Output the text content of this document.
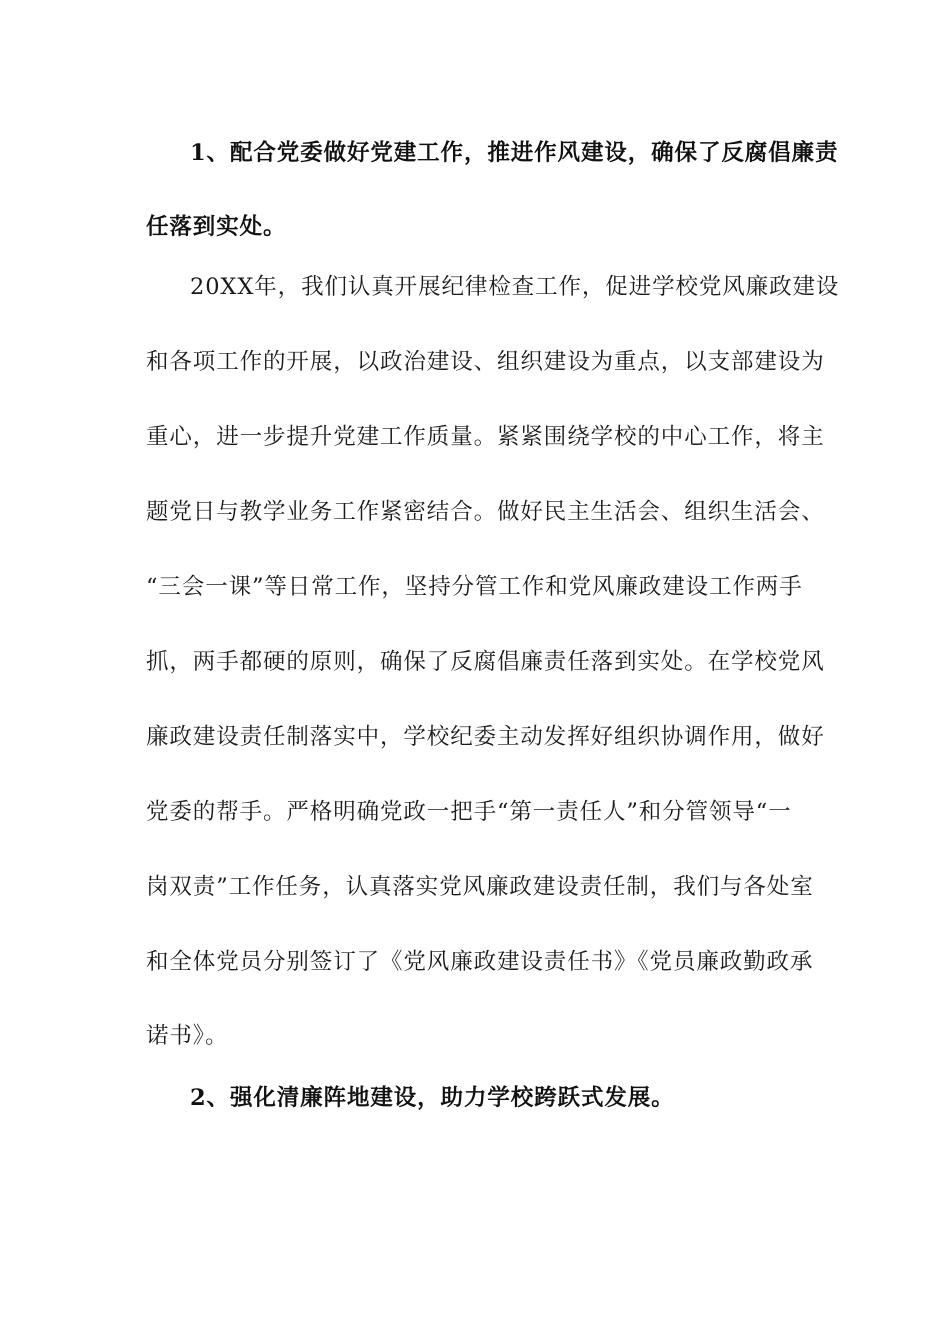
1、配合党委做好党建工作，推进作风建设，确保了反腐倡廉责
任落到实处。
20XX年，我们认真开展纪律检查工作，促进学校党风廉政建设
和各项工作的开展，以政治建设、组织建设为重点，以支部建设为
重心，进一步提升党建工作质量。紧紧围绕学校的中心工作，将主
题党日与教学业务工作紧密结合。做好民主生活会、组织生活会、
“三会一课”等日常工作，坚持分管工作和党风廉政建设工作两手
抓，两手都硬的原则，确保了反腐倡廉责任落到实处。在学校党风
廉政建设责任制落实中，学校纪委主动发挥好组织协调作用，做好
党委的帮手。严格明确党政一把手“第一责任人”和分管领导“一
岗双责”工作任务，认真落实党风廉政建设责任制，我们与各处室
和全体党员分别签订了《党风廉政建设责任书》《党员廉政勤政承
诺书》。
2、强化清廉阵地建设，助力学校跨跃式发展。
